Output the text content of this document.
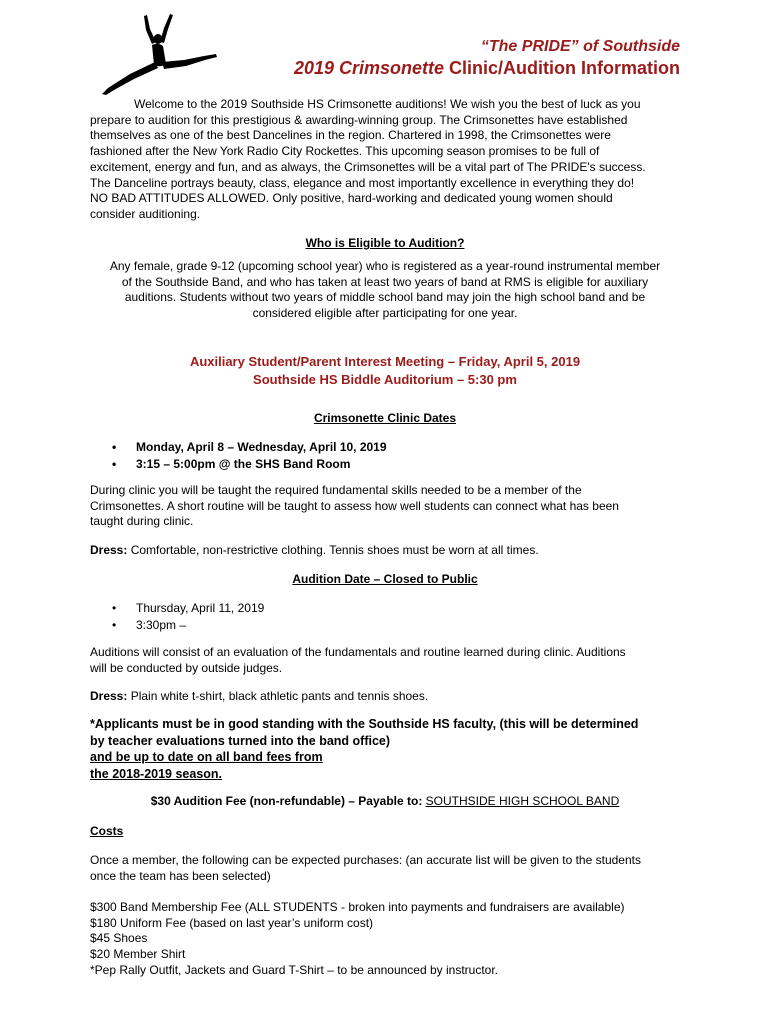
“The PRIDE” of Southside
2019 Crimsonette Clinic/Audition Information
Welcome to the 2019 Southside HS Crimsonette auditions! We wish you the best of luck as you
prepare to audition for this prestigious & awarding-winning group. The Crimsonettes have established
themselves as one of the best Dancelines in the region. Chartered in 1998, the Crimsonettes were
fashioned after the New York Radio City Rockettes. This upcoming season promises to be full of
excitement, energy and fun, and as always, the Crimsonettes will be a vital part of The PRIDE's success.
The Danceline portrays beauty, class, elegance and most importantly excellence in everything they do!
NO BAD ATTITUDES ALLOWED. Only positive, hard-working and dedicated young women should
consider auditioning.
Who is Eligible to Audition?
Any female, grade 9-12 (upcoming school year) who is registered as a year-round instrumental member
of the Southside Band, and who has taken at least two years of band at RMS is eligible for auxiliary
auditions. Students without two years of middle school band may join the high school band and be
considered eligible after participating for one year.
Auxiliary Student/Parent Interest Meeting – Friday, April 5, 2019
Southside HS Biddle Auditorium – 5:30 pm
Crimsonette Clinic Dates
• Monday, April 8 – Wednesday, April 10, 2019
• 3:15 – 5:00pm @ the SHS Band Room
During clinic you will be taught the required fundamental skills needed to be a member of the
Crimsonettes. A short routine will be taught to assess how well students can connect what has been
taught during clinic.
Dress: Comfortable, non-restrictive clothing. Tennis shoes must be worn at all times.
Audition Date – Closed to Public
• Thursday, April 11, 2019
• 3:30pm –
Auditions will consist of an evaluation of the fundamentals and routine learned during clinic. Auditions
will be conducted by outside judges.
Dress: Plain white t-shirt, black athletic pants and tennis shoes.
*Applicants must be in good standing with the Southside HS faculty, (this will be determined
by teacher evaluations turned into the band office)
and be up to date on all band fees from
the 2018-2019 season.
$30 Audition Fee (non-refundable) – Payable to: SOUTHSIDE HIGH SCHOOL BAND
Costs
Once a member, the following can be expected purchases: (an accurate list will be given to the students
once the team has been selected)
$300 Band Membership Fee (ALL STUDENTS - broken into payments and fundraisers are available)
$180 Uniform Fee (based on last year’s uniform cost)
$45 Shoes
$20 Member Shirt
*Pep Rally Outfit, Jackets and Guard T-Shirt – to be announced by instructor.
